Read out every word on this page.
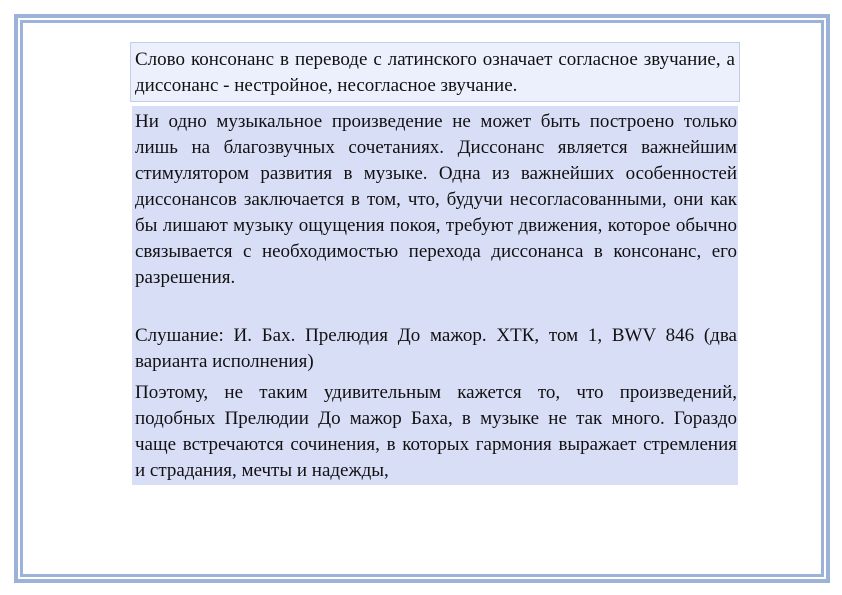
Слово консонанс в переводе с латинского означает согласное звучание, а диссонанс - нестройное, несогласное звучание.

Ни одно музыкальное произведение не может быть построено только лишь на благозвучных сочетаниях. Диссонанс является важнейшим стимулятором развития в музыке. Одна из важнейших особенностей диссонансов заключается в том, что, будучи несогласованными, они как бы лишают музыку ощущения покоя, требуют движения, которое обычно связывается с необходимостью перехода диссонанса в консонанс, его разрешения.

Слушание: И. Бах. Прелюдия До мажор. ХТК, том 1, BWV 846 (два варианта исполнения)

Поэтому, не таким удивительным кажется то, что произведений, подобных Прелюдии До мажор Баха, в музыке не так много. Гораздо чаще встречаются сочинения, в которых гармония выражает стремления и страдания, мечты и надежды,
